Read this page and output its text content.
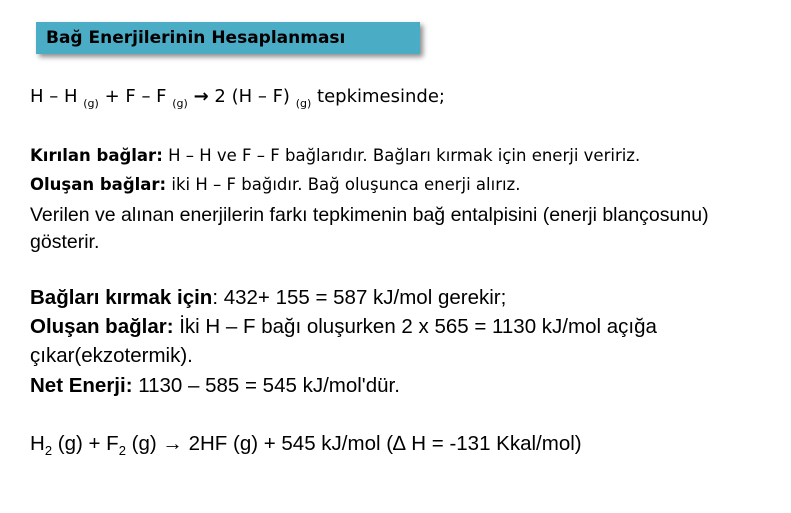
Bağ Enerjilerinin Hesaplanması
H – H $_{(g)}$ + F – F $_{(g)}$ → 2 (H – F) $_{(g)}$ tepkimesinde;
Kırılan bağlar: H – H ve F – F bağlarıdır. Bağları kırmak için enerji veririz.
Oluşan bağlar: iki H – F bağıdır. Bağ oluşunca enerji alırız.
Verilen ve alınan enerjilerin farkı tepkimenin bağ entalpisini (enerji blançosunu) gösterir.
Bağları kırmak için: 432+ 155 = 587 kJ/mol gerekir;
Oluşan bağlar: İki H – F bağı oluşurken 2 x 565 = 1130 kJ/mol açığa
çıkar(ekzotermik).
Net Enerji: 1130 – 585 = 545 kJ/mol'dür.
$H_2$ $(g) + F_2$ (g) → 2HF (g) + 545 kJ/mol (∆ H = -131 Kkal/mol)
